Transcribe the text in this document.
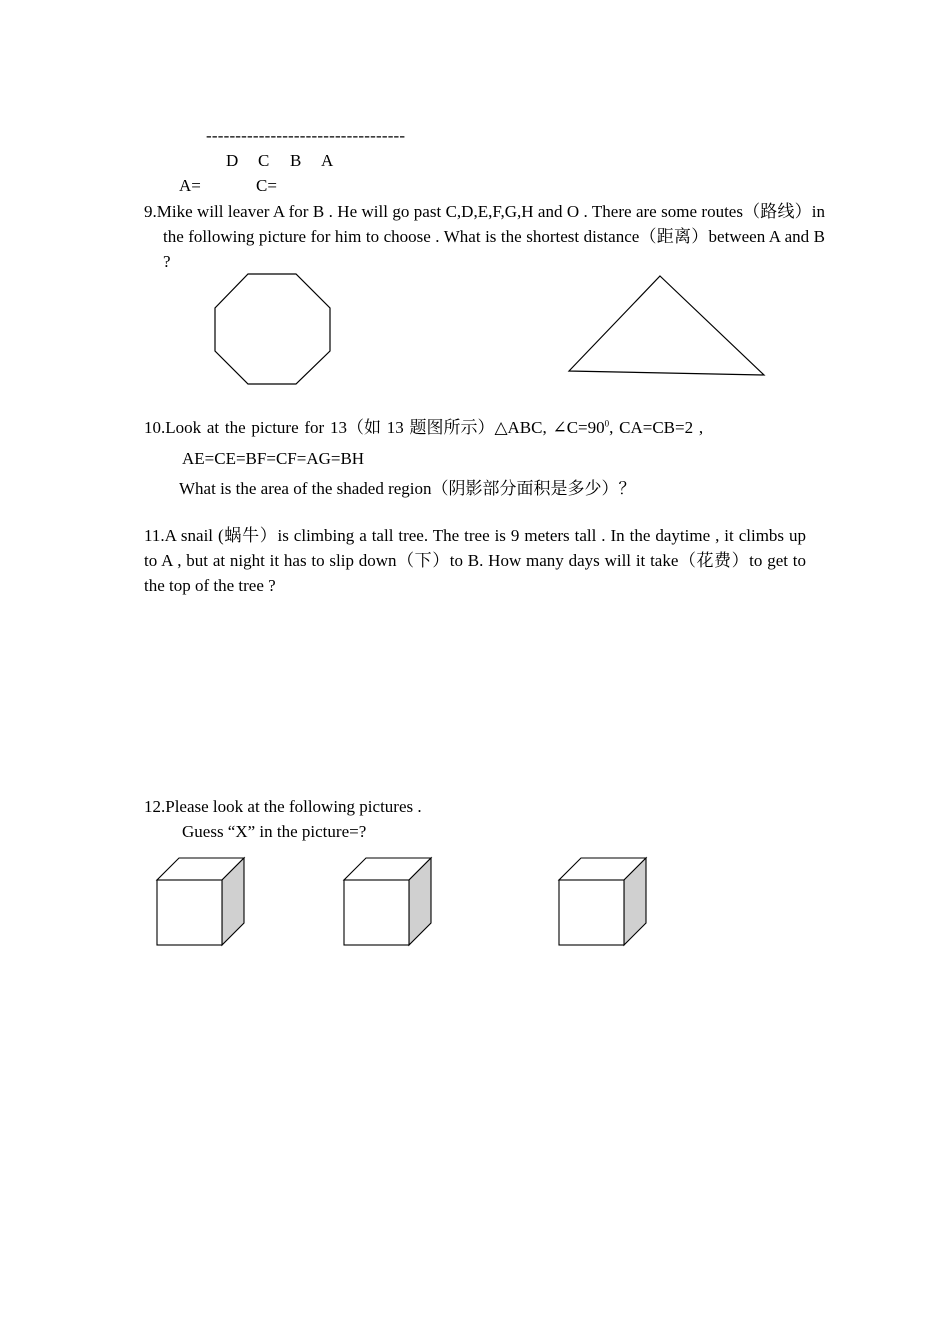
----------------------------------
D C B A
A=	C=
9.Mike will leaver A for B . He will go past C,D,E,F,G,H and O . There are some routes（路线）in the following picture for him to choose . What is the shortest distance（距离）between A and B ?
10.Look at the picture for 13（如 13 题图所示）△ABC, $\angle C=90^0$, CA=CB=2 ,
AE=CE=BF=CF=AG=BH
What is the area of the shaded region（阴影部分面积是多少）？
11.A snail (蜗牛）is climbing a tall tree. The tree is 9 meters tall . In the daytime , it climbs up to A , but at night it has to slip down（下）to B. How many days will it take（花费）to get to the top of the tree ?
12.Please look at the following pictures .
Guess “X” in the picture=?
